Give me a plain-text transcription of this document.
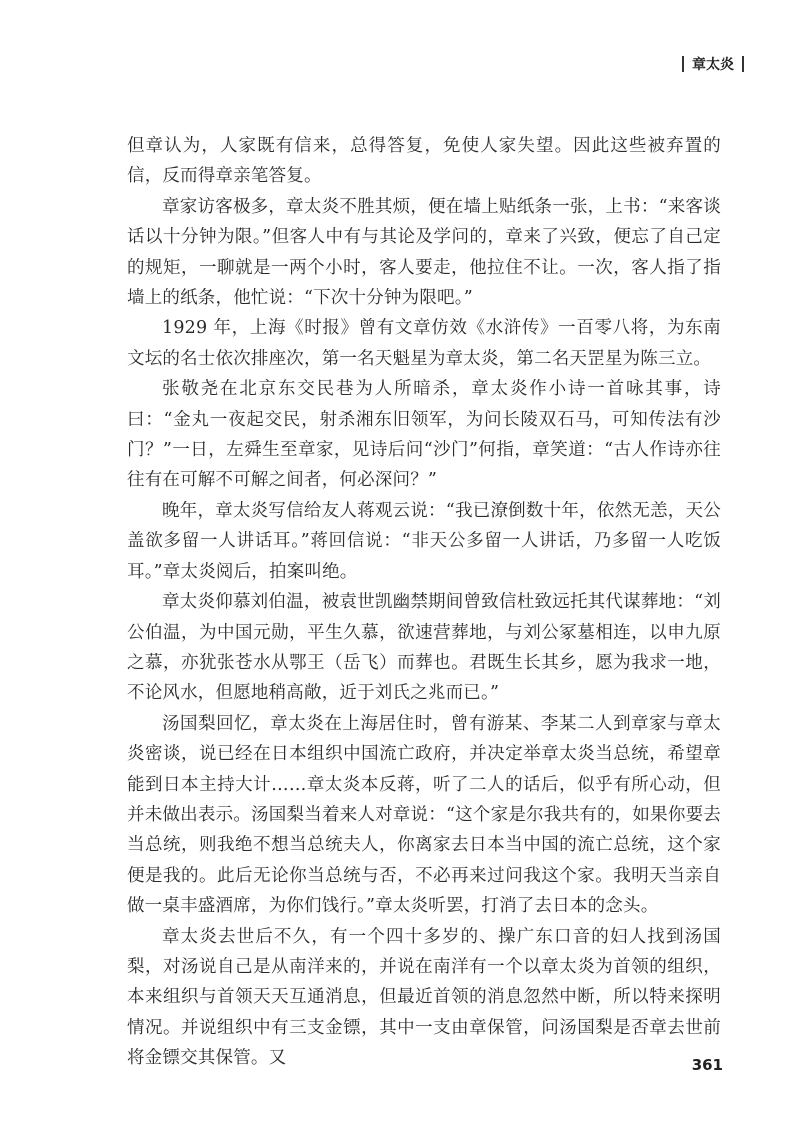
章太炎

但章认为，人家既有信来，总得答复，免使人家失望。因此这些被弃置的信，反而得章亲笔答复。

章家访客极多，章太炎不胜其烦，便在墙上贴纸条一张，上书：“来客谈话以十分钟为限。”但客人中有与其论及学问的，章来了兴致，便忘了自己定的规矩，一聊就是一两个小时，客人要走，他拉住不让。一次，客人指了指墙上的纸条，他忙说：“下次十分钟为限吧。”

1929 年，上海《时报》曾有文章仿效《水浒传》一百零八将，为东南文坛的名士依次排座次，第一名天魁星为章太炎，第二名天罡星为陈三立。

张敬尧在北京东交民巷为人所暗杀，章太炎作小诗一首咏其事，诗曰：“金丸一夜起交民，射杀湘东旧领军，为问长陵双石马，可知传法有沙门？”一日，左舜生至章家，见诗后问“沙门”何指，章笑道：“古人作诗亦往往有在可解不可解之间者，何必深问？”

晚年，章太炎写信给友人蒋观云说：“我已潦倒数十年，依然无恙，天公盖欲多留一人讲话耳。”蒋回信说：“非天公多留一人讲话，乃多留一人吃饭耳。”章太炎阅后，拍案叫绝。

章太炎仰慕刘伯温，被袁世凯幽禁期间曾致信杜致远托其代谋葬地：“刘公伯温，为中国元勋，平生久慕，欲速营葬地，与刘公冢墓相连，以申九原之慕，亦犹张苍水从鄂王（岳飞）而葬也。君既生长其乡，愿为我求一地，不论风水，但愿地稍高敞，近于刘氏之兆而已。”

汤国梨回忆，章太炎在上海居住时，曾有游某、李某二人到章家与章太炎密谈，说已经在日本组织中国流亡政府，并决定举章太炎当总统，希望章能到日本主持大计……章太炎本反蒋，听了二人的话后，似乎有所心动，但并未做出表示。汤国梨当着来人对章说：“这个家是尔我共有的，如果你要去当总统，则我绝不想当总统夫人，你离家去日本当中国的流亡总统，这个家便是我的。此后无论你当总统与否，不必再来过问我这个家。我明天当亲自做一桌丰盛酒席，为你们饯行。”章太炎听罢，打消了去日本的念头。

章太炎去世后不久，有一个四十多岁的、操广东口音的妇人找到汤国梨，对汤说自己是从南洋来的，并说在南洋有一个以章太炎为首领的组织，本来组织与首领天天互通消息，但最近首领的消息忽然中断，所以特来探明情况。并说组织中有三支金镖，其中一支由章保管，问汤国梨是否章去世前将金镖交其保管。又	361
